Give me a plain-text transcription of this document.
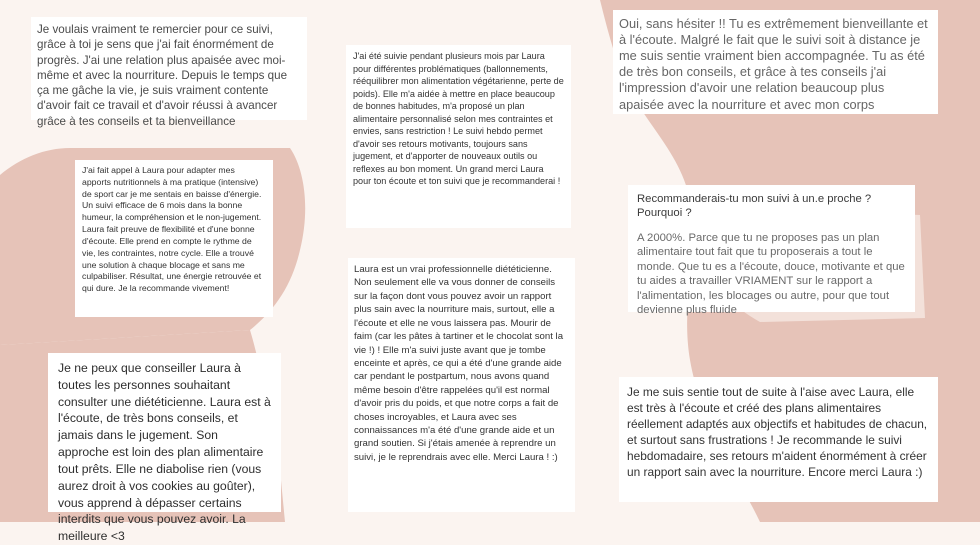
Je voulais vraiment te remercier pour ce suivi, grâce à toi je sens que j'ai fait énormément de progrès. J'ai une relation plus apaisée avec moi-même et avec la nourriture. Depuis le temps que ça me gâche la vie, je suis vraiment contente d'avoir fait ce travail et d'avoir réussi à avancer grâce à tes conseils et ta bienveillance

J'ai fait appel à Laura pour adapter mes apports nutritionnels à ma pratique (intensive) de sport car je me sentais en baisse d'énergie. Un suivi efficace de 6 mois dans la bonne humeur, la compréhension et le non-jugement. Laura fait preuve de flexibilité et d'une bonne d'écoute. Elle prend en compte le rythme de vie, les contraintes, notre cycle. Elle a trouvé une solution à chaque blocage et sans me culpabiliser. Résultat, une énergie retrouvée et qui dure. Je la recommande vivement!

Je ne peux que conseiller Laura à toutes les personnes souhaitant consulter une diététicienne. Laura est à l'écoute, de très bons conseils, et jamais dans le jugement. Son approche est loin des plan alimentaire tout prêts. Elle ne diabolise rien (vous aurez droit à vos cookies au goûter), vous apprend à dépasser certains interdits que vous pouvez avoir. La meilleure <3

J'ai été suivie pendant plusieurs mois par Laura pour différentes problématiques (ballonnements, rééquilibrer mon alimentation végétarienne, perte de poids). Elle m'a aidée à mettre en place beaucoup de bonnes habitudes, m'a proposé un plan alimentaire personnalisé selon mes contraintes et envies, sans restriction ! Le suivi hebdo permet d'avoir ses retours motivants, toujours sans jugement, et d'apporter de nouveaux outils ou reflexes au bon moment. Un grand merci Laura pour ton écoute et ton suivi que je recommanderai !

Laura est un vrai professionnelle diététicienne. Non seulement elle va vous donner de conseils sur la façon dont vous pouvez avoir un rapport plus sain avec la nourriture mais, surtout, elle a l'écoute et elle ne vous laissera pas. Mourir de faim (car les pâtes à tartiner et le chocolat sont la vie !) ! Elle m'a suivi juste avant que je tombe enceinte et après, ce qui a été d'une grande aide car pendant le postpartum, nous avons quand même besoin d'être rappelées qu'il est normal d'avoir pris du poids, et que notre corps a fait de choses incroyables, et Laura avec ses connaissances m'a été d'une grande aide et un grand soutien. Si j'étais amenée à reprendre un suivi, je le reprendrais avec elle. Merci Laura ! :)

Oui, sans hésiter !! Tu es extrêmement bienveillante et à l'écoute. Malgré le fait que le suivi soit à distance je me suis sentie vraiment bien accompagnée. Tu as été de très bon conseils, et grâce à tes conseils j'ai l'impression d'avoir une relation beaucoup plus apaisée avec la nourriture et avec mon corps

Recommanderais-tu mon suivi à un.e proche ? Pourquoi ?

A 2000%. Parce que tu ne proposes pas un plan alimentaire tout fait que tu proposerais a tout le monde. Que tu es a l'écoute, douce, motivante et que tu aides a travailler VRIAMENT sur le rapport a l'alimentation, les blocages ou autre, pour que tout devienne plus fluide

Je me suis sentie tout de suite à l'aise avec Laura, elle est très à l'écoute et créé des plans alimentaires réellement adaptés aux objectifs et habitudes de chacun, et surtout sans frustrations ! Je recommande le suivi hebdomadaire, ses retours m'aident énormément à créer un rapport sain avec la nourriture. Encore merci Laura :)
